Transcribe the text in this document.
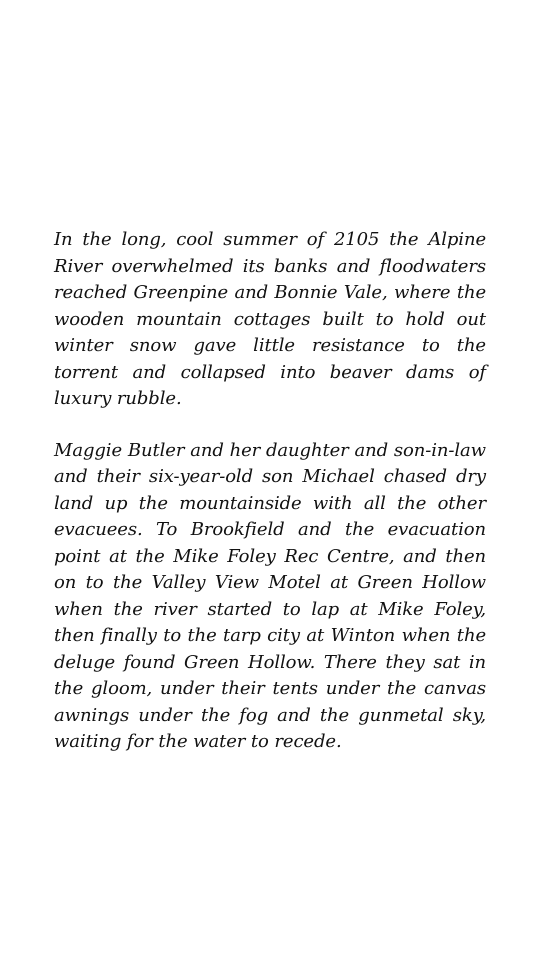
In the long, cool summer of 2105 the Alpine River overwhelmed its banks and floodwaters reached Greenpine and Bonnie Vale, where the wooden mountain cottages built to hold out winter snow gave little resistance to the torrent and collapsed into beaver dams of luxury rubble.

Maggie Butler and her daughter and son-in-law and their six-year-old son Michael chased dry land up the mountainside with all the other evacuees. To Brookfield and the evacuation point at the Mike Foley Rec Centre, and then on to the Valley View Motel at Green Hollow when the river started to lap at Mike Foley, then finally to the tarp city at Winton when the deluge found Green Hollow. There they sat in the gloom, under their tents under the canvas awnings under the fog and the gunmetal sky, waiting for the water to recede.
